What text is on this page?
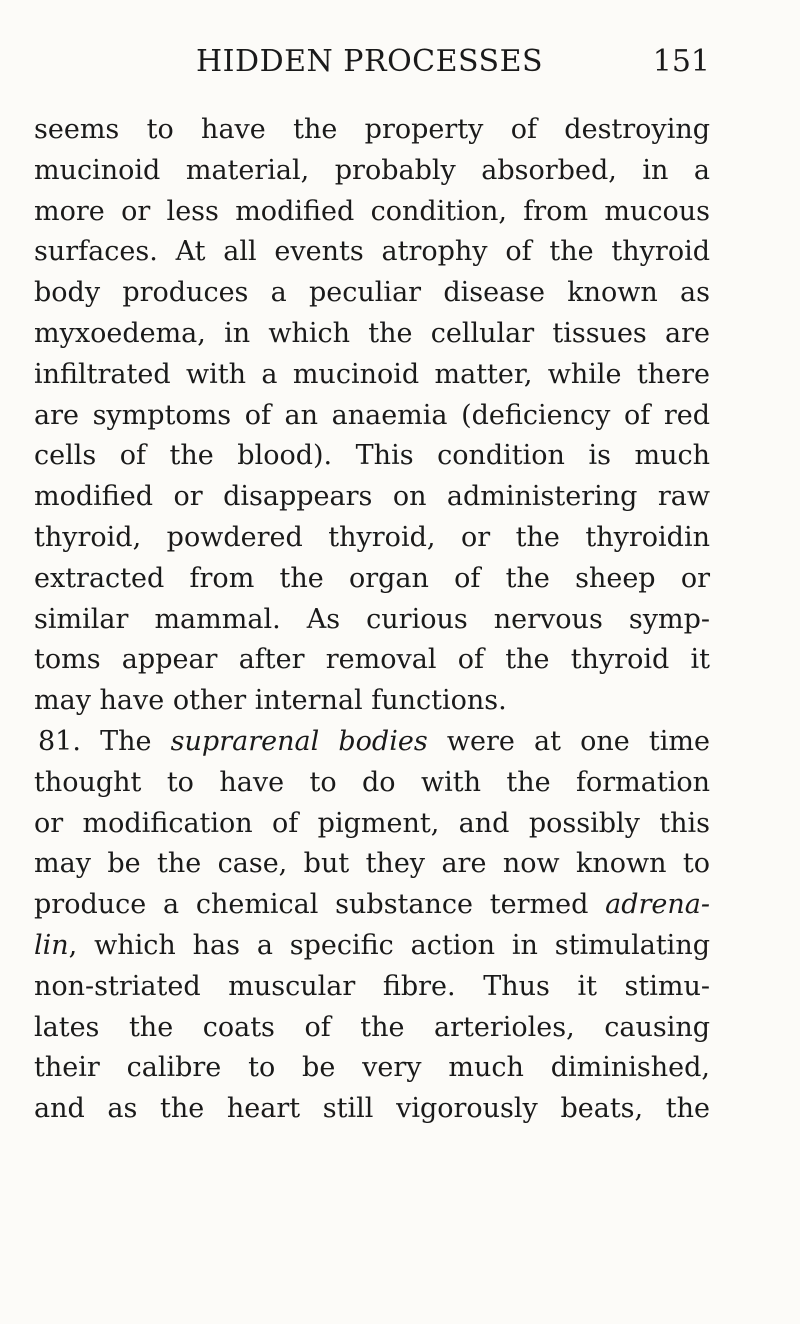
HIDDEN PROCESSES	151
seems to have the property of destroying
mucinoid material, probably absorbed, in a
more or less modified condition, from mucous
surfaces. At all events atrophy of the thyroid
body produces a peculiar disease known as
myxoedema, in which the cellular tissues are
infiltrated with a mucinoid matter, while there
are symptoms of an anaemia (deficiency of red
cells of the blood). This condition is much
modified or disappears on administering raw
thyroid, powdered thyroid, or the thyroidin
extracted from the organ of the sheep or
similar mammal. As curious nervous symp-
toms appear after removal of the thyroid it
may have other internal functions.
81. The suprarenal bodies were at one time
thought to have to do with the formation
or modification of pigment, and possibly this
may be the case, but they are now known to
produce a chemical substance termed adrena-
lin, which has a specific action in stimulating
non-striated muscular fibre. Thus it stimu-
lates the coats of the arterioles, causing
their calibre to be very much diminished,
and as the heart still vigorously beats, the
